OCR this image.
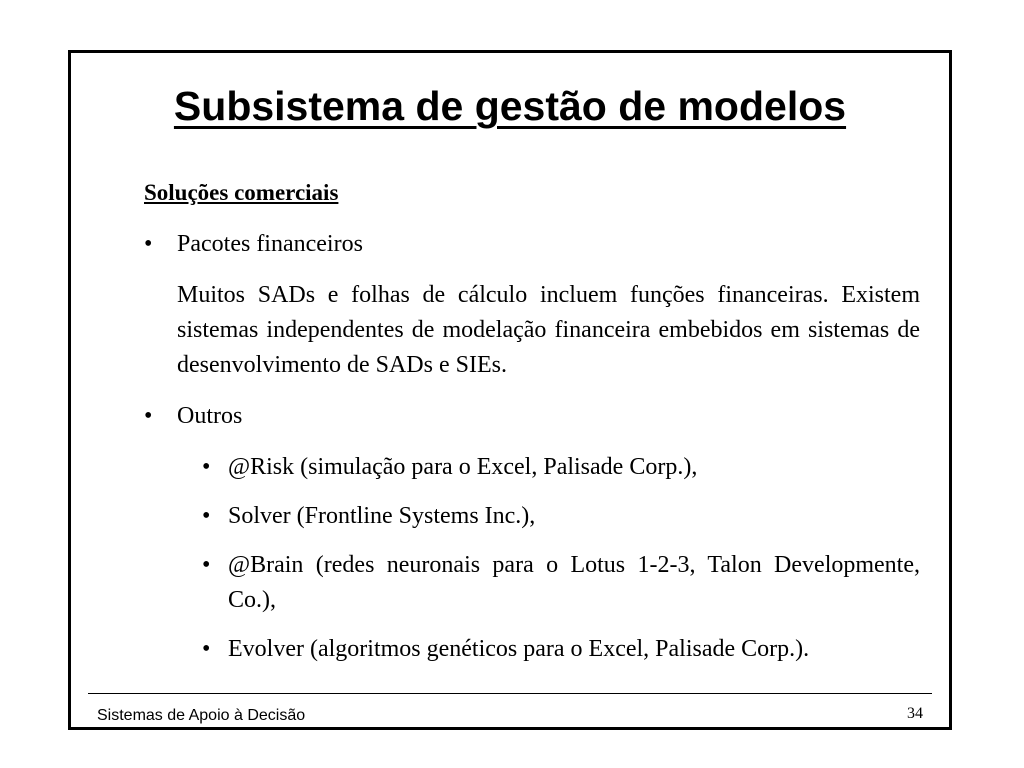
Subsistema de gestão de modelos

Soluções comerciais

• Pacotes financeiros

Muitos SADs e folhas de cálculo incluem funções financeiras. Existem sistemas independentes de modelação financeira embebidos em sistemas de desenvolvimento de SADs e SIEs.

• Outros

• @Risk (simulação para o Excel, Palisade Corp.),

• Solver (Frontline Systems Inc.),

• @Brain (redes neuronais para o Lotus 1-2-3, Talon Developmente, Co.),

• Evolver (algoritmos genéticos para o Excel, Palisade Corp.).

Sistemas de Apoio à Decisão	34
